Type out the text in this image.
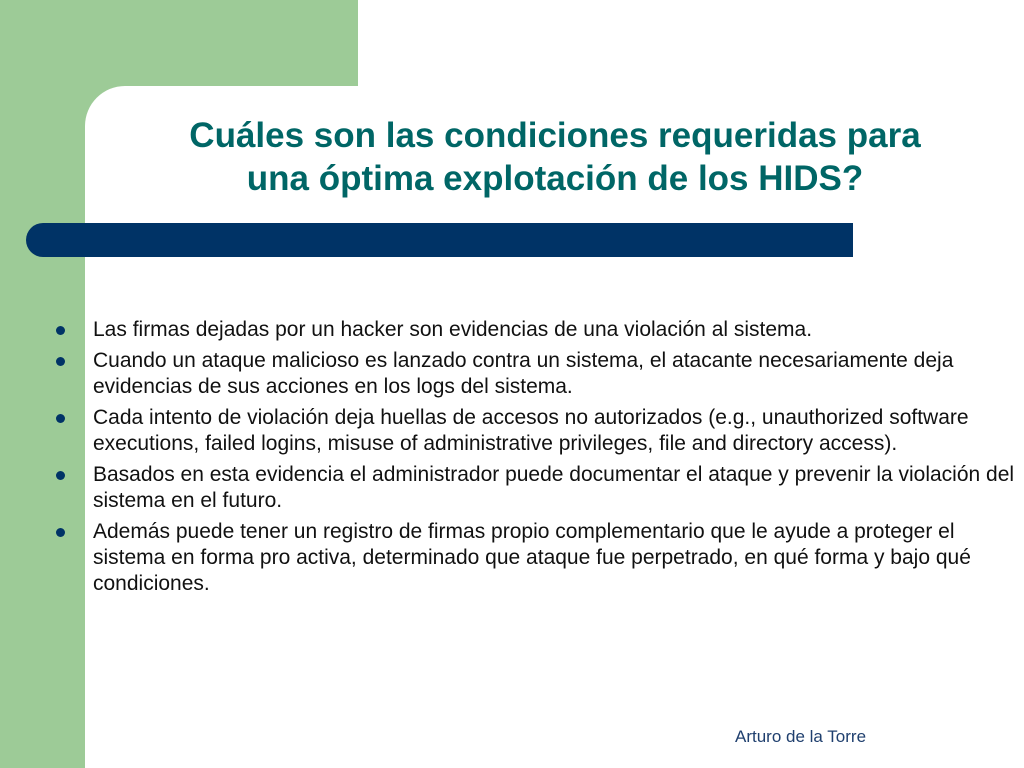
Cuáles son las condiciones requeridas para
una óptima explotación de los HIDS?
Las firmas dejadas por un hacker son evidencias de una violación al sistema.
Cuando un ataque malicioso es lanzado contra un sistema, el atacante necesariamente deja evidencias de sus acciones en los logs del sistema.
Cada intento de violación deja huellas de accesos no autorizados (e.g., unauthorized software executions, failed logins, misuse of administrative privileges, file and directory access).
Basados en esta evidencia el administrador puede documentar el ataque y prevenir la violación del sistema en el futuro.
Además puede tener un registro de firmas propio complementario que le ayude a proteger el sistema en forma pro activa, determinado que ataque fue perpetrado, en qué forma y bajo qué condiciones.
Arturo de la Torre
